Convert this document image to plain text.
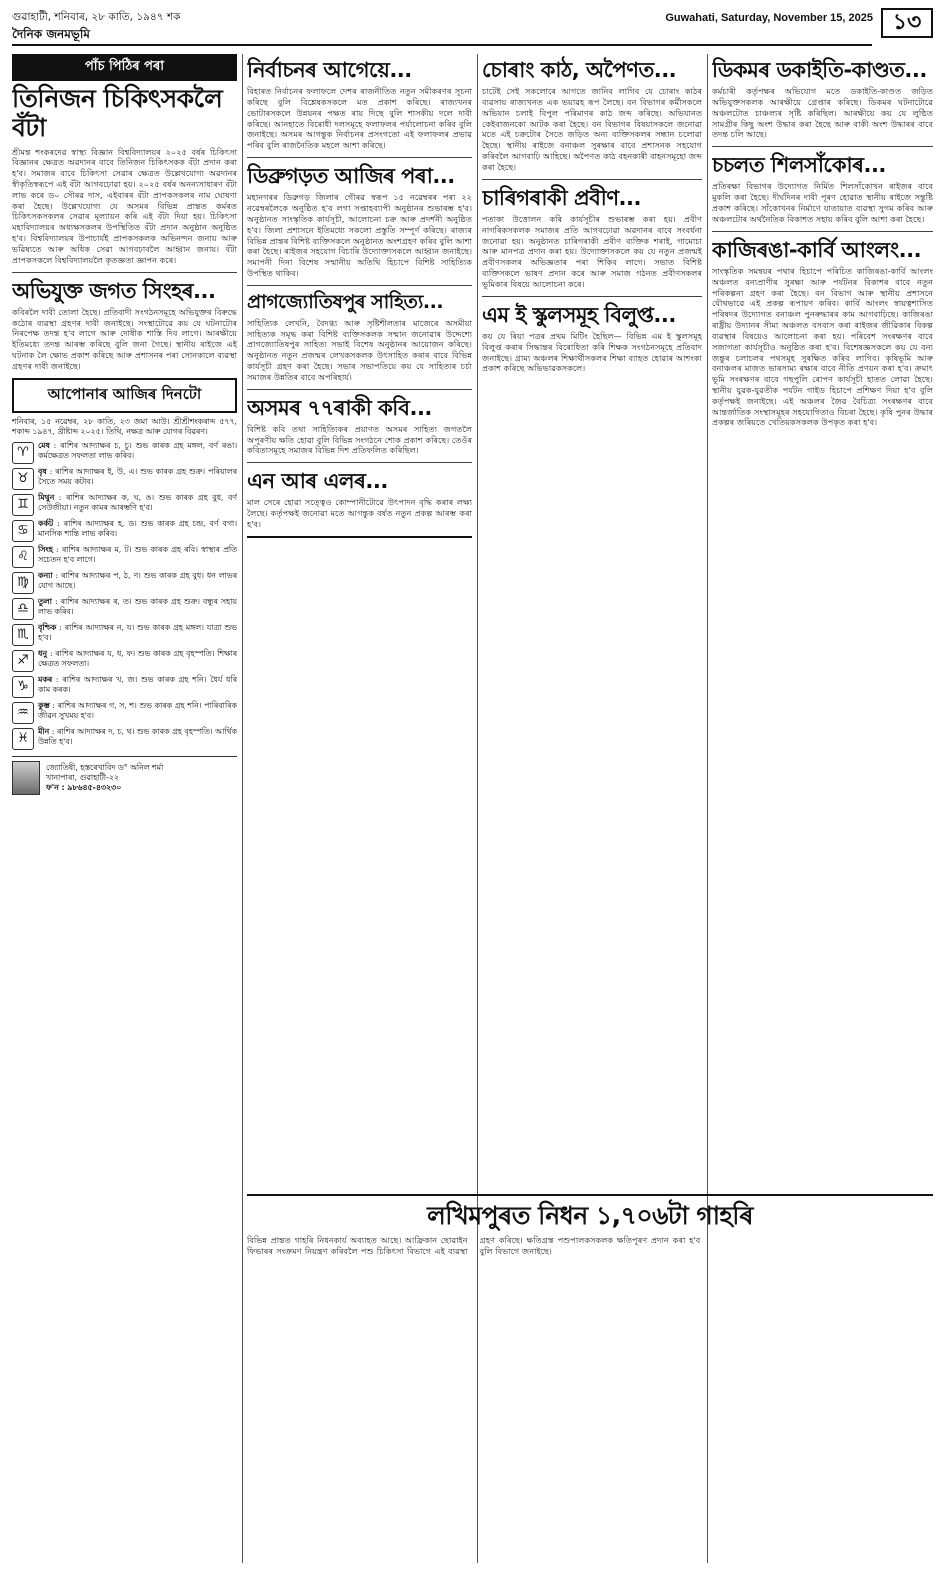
গুৱাহাটী, শনিবাৰ, ২৮ কাতি, ১৯৪৭ শক
দৈনিক জনমভূমি
Guwahati, Saturday, November 15, 2025 ১৩
পাঁচ পিঠিৰ পৰা
তিনিজন চিকিৎসকলৈ বঁটা
শ্ৰীমন্ত শংকৰদেৱ স্বাস্থ্য বিজ্ঞান বিশ্ববিদ্যালয়ৰ ২০২৫ বৰ্ষৰ চিকিৎসা বিজ্ঞানৰ ক্ষেত্ৰত অৱদানৰ বাবে তিনিজন চিকিৎসকক বঁটা প্ৰদান কৰা হ'ব। সমাজৰ বাবে চিকিৎসা সেৱাৰ ক্ষেত্ৰত উল্লেখযোগ্য অৱদানৰ স্বীকৃতিস্বৰূপে এই বঁটা আগবঢ়োৱা হয়। ২০২৫ বৰ্ষৰ অনন্যসাধাৰণ বঁটা লাভ কৰে ড০ সৌৰৱ দাস, এইবাৰৰ বঁটা প্ৰাপকসকলৰ নাম ঘোষণা কৰা হৈছে। উল্লেখযোগ্য যে অসমৰ বিভিন্ন প্ৰান্তত কৰ্মৰত চিকিৎসকসকলৰ সেৱাৰ মূল্যায়ন কৰি এই বঁটা দিয়া হয়। চিকিৎসা মহাবিদ্যালয়ৰ অধ্যক্ষসকলৰ উপস্থিতিত বঁটা প্ৰদান অনুষ্ঠান অনুষ্ঠিত হ'ব। বিশ্ববিদ্যালয়ৰ উপাচাৰ্যই প্ৰাপকসকলক অভিনন্দন জনায় আৰু ভৱিষ্যতে আৰু অধিক সেৱা আগবঢ়াবলৈ আহ্বান জনায়। বঁটা প্ৰাপকসকলে বিশ্ববিদ্যালয়লৈ কৃতজ্ঞতা জ্ঞাপন কৰে।
অভিযুক্ত জগত সিংহৰ...
কবিৰলৈ দাবী তোলা হৈছে। প্ৰতিবাদী সংগঠনসমূহে অভিযুক্তৰ বিৰুদ্ধে কঠোৰ ব্যৱস্থা গ্ৰহণৰ দাবী জনাইছে। সংস্থাটোৱে কয় যে ঘটনাটোৰ নিৰপেক্ষ তদন্ত হ'ব লাগে আৰু দোষীক শাস্তি দিব লাগে। আৰক্ষীয়ে ইতিমধ্যে তদন্ত আৰম্ভ কৰিছে বুলি জনা গৈছে। স্থানীয় ৰাইজে এই ঘটনাক লৈ ক্ষোভ প্ৰকাশ কৰিছে আৰু প্ৰশাসনৰ পৰা সোনকালে ব্যৱস্থা গ্ৰহণৰ দাবী জনাইছে।
আপোনাৰ আজিৰ দিনটো
শনিবাৰ, ১৫ নৱেম্বৰ, ২৮ কাতি, ২৩ জমা আউ। শ্ৰীশ্ৰীশংকৰাব্দ ৫৭৭, শকাব্দ ১৯৪৭, খ্ৰীষ্টাব্দ ২০২৫। তিথি, নক্ষত্ৰ আৰু যোগৰ বিৱৰণ।
♈	মেষ : ৰাশিৰ আদ্যাক্ষৰ চ, চু। শুভ কাৰক গ্ৰহ মঙ্গল, বৰ্ণ ৰঙা। কৰ্মক্ষেত্ৰত সফলতা লাভ কৰিব।
♉	বৃষ : ৰাশিৰ আদ্যাক্ষৰ ই, উ, এ। শুভ কাৰক গ্ৰহ শুক্ৰ। পৰিয়ালৰ সৈতে সময় কটাব।
♊	মিথুন : ৰাশিৰ আদ্যাক্ষৰ ক, ঘ, ঙ। শুভ কাৰক গ্ৰহ বুধ, বৰ্ণ সেউজীয়া। নতুন কামৰ আৰম্ভণি হ'ব।
♋	কৰ্কট : ৰাশিৰ আদ্যাক্ষৰ হ, ড। শুভ কাৰক গ্ৰহ চন্দ্ৰ, বৰ্ণ বগা। মানসিক শান্তি লাভ কৰিব।
♌	সিংহ : ৰাশিৰ আদ্যাক্ষৰ ম, ট। শুভ কাৰক গ্ৰহ ৰবি। স্বাস্থ্যৰ প্ৰতি সচেতন হ'ব লাগে।
♍	কন্যা : ৰাশিৰ আদ্যাক্ষৰ প, ঠ, ণ। শুভ কাৰক গ্ৰহ বুধ। ধন লাভৰ যোগ আছে।
♎	তুলা : ৰাশিৰ আদ্যাক্ষৰ ৰ, ত। শুভ কাৰক গ্ৰহ শুক্ৰ। বন্ধুৰ সহায় লাভ কৰিব।
♏	বৃশ্চিক : ৰাশিৰ আদ্যাক্ষৰ ন, য। শুভ কাৰক গ্ৰহ মঙ্গল। যাত্ৰা শুভ হ'ব।
♐	ধনু : ৰাশিৰ আদ্যাক্ষৰ য, ধ, ফ। শুভ কাৰক গ্ৰহ বৃহস্পতি। শিক্ষাৰ ক্ষেত্ৰত সফলতা।
♑	মকৰ : ৰাশিৰ আদ্যাক্ষৰ খ, জ। শুভ কাৰক গ্ৰহ শনি। ধৈৰ্য ধৰি কাম কৰক।
♒	কুম্ভ : ৰাশিৰ আদ্যাক্ষৰ গ, স, শ। শুভ কাৰক গ্ৰহ শনি। পাৰিবাৰিক জীৱন সুখময় হ'ব।
♓	মীন : ৰাশিৰ আদ্যাক্ষৰ দ, চ, থ। শুভ কাৰক গ্ৰহ বৃহস্পতি। আৰ্থিক উন্নতি হ'ব।
জ্যোতিষী, হস্তৰেখাবিদ ড° অনিল শৰ্মা
খানাপাৰা, গুৱাহাটী-২২
ফ'ন : ৯৮৬৪৫-৪৩২৩০
নিৰ্বাচনৰ আগেয়ে...
বিহাৰত নিৰ্বাচনৰ ফলাফলে দেশৰ ৰাজনীতিত নতুন সমীকৰণৰ সূচনা কৰিছে বুলি বিশ্লেষকসকলে মত প্ৰকাশ কৰিছে। ৰাজ্যখনৰ ভোটাৰসকলে উন্নয়নৰ পক্ষত ৰায় দিছে বুলি শাসকীয় দলে দাবী কৰিছে। আনহাতে বিৰোধী দলসমূহে ফলাফলৰ পৰ্যালোচনা কৰিব বুলি জনাইছে। অসমৰ আগন্তুক নিৰ্বাচনৰ প্ৰসংগতো এই ফলাফলৰ প্ৰভাৱ পৰিব বুলি ৰাজনৈতিক মহলে আশা কৰিছে।
ডিব্ৰুগড়ত আজিৰ পৰা...
মহানগৰৰ ডিব্ৰুগড় জিলাৰ গৌৰৱ স্বৰূপ ১৫ নৱেম্বৰৰ পৰা ২২ নৱেম্বৰলৈকে অনুষ্ঠিত হ'ব লগা সপ্তাহব্যাপী অনুষ্ঠানৰ শুভাৰম্ভ হ'ব। অনুষ্ঠানত সাংস্কৃতিক কাৰ্যসূচী, আলোচনা চক্ৰ আৰু প্ৰদৰ্শনী অনুষ্ঠিত হ'ব। জিলা প্ৰশাসনে ইতিমধ্যে সকলো প্ৰস্তুতি সম্পূৰ্ণ কৰিছে। ৰাজ্যৰ বিভিন্ন প্ৰান্তৰ বিশিষ্ট ব্যক্তিসকলে অনুষ্ঠানত অংশগ্ৰহণ কৰিব বুলি আশা কৰা হৈছে। ৰাইজৰ সহযোগ বিচাৰি উদ্যোক্তাসকলে আহ্বান জনাইছে। সমাপনী দিনা বিশেষ সন্মানীয় অতিথি হিচাপে বিশিষ্ট সাহিত্যিক উপস্থিত থাকিব।
প্ৰাগজ্যোতিষপুৰ সাহিত্য...
সাহিত্যিক লেখনি, বৈদগ্ধ্য আৰু সৃষ্টিশীলতাৰ মাজেৰে অসমীয়া সাহিত্যক সমৃদ্ধ কৰা বিশিষ্ট ব্যক্তিসকলক সন্মান জনোৱাৰ উদ্দেশ্যে প্ৰাগজ্যোতিষপুৰ সাহিত্য সভাই বিশেষ অনুষ্ঠানৰ আয়োজন কৰিছে। অনুষ্ঠানত নতুন প্ৰজন্মৰ লেখকসকলক উৎসাহিত কৰাৰ বাবে বিভিন্ন কাৰ্যসূচী গ্ৰহণ কৰা হৈছে। সভাৰ সভাপতিয়ে কয় যে সাহিত্যৰ চৰ্চা সমাজৰ উন্নতিৰ বাবে অপৰিহাৰ্য।
অসমৰ ৭৭ৰাকী কবি...
বিশিষ্ট কবি তথা সাহিত্যিকৰ প্ৰয়াণত অসমৰ সাহিত্য জগতলৈ অপূৰণীয় ক্ষতি হোৱা বুলি বিভিন্ন সংগঠনে শোক প্ৰকাশ কৰিছে। তেওঁৰ কবিতাসমূহে সমাজৰ বিভিন্ন দিশ প্ৰতিফলিত কৰিছিল।
এন আৰ এলৰ...
মাল সেৰে হোৱা সত্ত্বেও কোম্পানীটোৱে উৎপাদন বৃদ্ধি কৰাৰ লক্ষ্য লৈছে। কৰ্তৃপক্ষই জনোৱা মতে আগন্তুক বৰ্ষত নতুন প্ৰকল্প আৰম্ভ কৰা হ'ব।
চোৰাং কাঠ, অপৈণত...
চাটেই সেই সকলোৰে আগতে জানিব লাগিব যে চোৰাং কাঠৰ ব্যৱসায় ৰাজ্যখনত এক ভয়াৱহ ৰূপ লৈছে। বন বিভাগৰ কৰ্মীসকলে অভিযান চলাই বিপুল পৰিমাণৰ কাঠ জব্দ কৰিছে। অভিযানত কেইবাজনকো আটক কৰা হৈছে। বন বিভাগৰ বিষয়াসকলে জনোৱা মতে এই চক্ৰটোৰ সৈতে জড়িত অন্য ব্যক্তিসকলৰ সন্ধান চলোৱা হৈছে। স্থানীয় ৰাইজে বনাঞ্চল সুৰক্ষাৰ বাবে প্ৰশাসনক সহযোগ কৰিবলৈ আগবাঢ়ি আহিছে। অপৈণত কাঠ বহনকাৰী বাহনসমূহো জব্দ কৰা হৈছে।
চাৰিগৰাকী প্ৰবীণ...
পতাকা উত্তোলন কৰি কাৰ্যসূচীৰ শুভাৰম্ভ কৰা হয়। প্ৰবীণ নাগৰিকসকলক সমাজৰ প্ৰতি আগবঢ়োৱা অৱদানৰ বাবে সংবৰ্ধনা জনোৱা হয়। অনুষ্ঠানত চাৰিগৰাকী প্ৰবীণ ব্যক্তিক শৰাই, গামোচা আৰু মানপত্ৰ প্ৰদান কৰা হয়। উদ্যোক্তাসকলে কয় যে নতুন প্ৰজন্মই প্ৰবীণসকলৰ অভিজ্ঞতাৰ পৰা শিকিব লাগে। সভাত বিশিষ্ট ব্যক্তিসকলে ভাষণ প্ৰদান কৰে আৰু সমাজ গঠনত প্ৰবীণসকলৰ ভূমিকাৰ বিষয়ে আলোচনা কৰে।
এম ই স্কুলসমূহ বিলুপ্ত...
কয় যে ৰিয়া পত্ৰৰ প্ৰথম মিটিং হৈছিল— বিভিন্ন এম ই স্কুলসমূহ বিলুপ্ত কৰাৰ সিদ্ধান্তৰ বিৰোধিতা কৰি শিক্ষক সংগঠনসমূহে প্ৰতিবাদ জনাইছে। গ্ৰাম্য অঞ্চলৰ শিক্ষাৰ্থীসকলৰ শিক্ষা ব্যাহত হোৱাৰ আশংকা প্ৰকাশ কৰিছে অভিভাৱকসকলে।
ডিকমৰ ডকাইতি-কাণ্ডত...
কৰ্মচাৰী কৰ্তৃপক্ষৰ অভিযোগ মতে ডকাইতি-কাণ্ডত জড়িত অভিযুক্তসকলক আৰক্ষীয়ে গ্ৰেপ্তাৰ কৰিছে। ডিকমৰ ঘটনাটোৱে অঞ্চলটোত চাঞ্চল্যৰ সৃষ্টি কৰিছিল। আৰক্ষীয়ে কয় যে লুণ্ঠিত সামগ্ৰীৰ কিছু অংশ উদ্ধাৰ কৰা হৈছে আৰু বাকী অংশ উদ্ধাৰৰ বাবে তদন্ত চলি আছে।
চচলত শিলসাঁকোৰ...
প্ৰতিৰক্ষা বিভাগৰ উদ্যোগত নিৰ্মিত শিলসাঁকোখন ৰাইজৰ বাবে মুকলি কৰা হৈছে। দীৰ্ঘদিনৰ দাবী পূৰণ হোৱাত স্থানীয় ৰাইজে সন্তুষ্টি প্ৰকাশ কৰিছে। সাঁকোখনৰ নিৰ্মাণে যাতায়াত ব্যৱস্থা সুগম কৰিব আৰু অঞ্চলটোৰ অৰ্থনৈতিক বিকাশত সহায় কৰিব বুলি আশা কৰা হৈছে।
কাজিৰঙা-কাৰ্বি আংলং...
সাংস্কৃতিক সমন্বয়ৰ পথাৰ হিচাপে পৰিচিত কাজিৰঙা-কাৰ্বি আংলং অঞ্চলত বন্যপ্ৰাণীৰ সুৰক্ষা আৰু পৰ্যটনৰ বিকাশৰ বাবে নতুন পৰিকল্পনা গ্ৰহণ কৰা হৈছে। বন বিভাগ আৰু স্থানীয় প্ৰশাসনে যৌথভাৱে এই প্ৰকল্প ৰূপায়ণ কৰিব। কাৰ্বি আংলং স্বায়ত্বশাসিত পৰিষদৰ উদ্যোগত বনাঞ্চল পুনৰুদ্ধাৰৰ কাম আগবাঢ়িছে। কাজিৰঙা ৰাষ্ট্ৰীয় উদ্যানৰ সীমা অঞ্চলত বসবাস কৰা ৰাইজৰ জীৱিকাৰ বিকল্প ব্যৱস্থাৰ বিষয়েও আলোচনা কৰা হয়। পৰিবেশ সংৰক্ষণৰ বাবে সজাগতা কাৰ্যসূচীও অনুষ্ঠিত কৰা হ'ব। বিশেষজ্ঞসকলে কয় যে বন্য জন্তুৰ চলাচলৰ পথসমূহ সুৰক্ষিত কৰিব লাগিব। কৃষিভূমি আৰু বনাঞ্চলৰ মাজত ভাৰসাম্য ৰক্ষাৰ বাবে নীতি প্ৰণয়ন কৰা হ'ব। ক্ৰমাৎ ভূমি সংৰক্ষণৰ বাবে গছপুলি ৰোপণ কাৰ্যসূচী হাতত লোৱা হৈছে। স্থানীয় যুৱক-যুৱতীক পৰ্যটন গাইড হিচাপে প্ৰশিক্ষণ দিয়া হ'ব বুলি কৰ্তৃপক্ষই জনাইছে। এই অঞ্চলৰ জৈৱ বৈচিত্ৰ্য সংৰক্ষণৰ বাবে আন্তৰ্জাতিক সংস্থাসমূহৰ সহযোগিতাও বিচৰা হৈছে। কৃষি পুনৰ উদ্ধাৰ প্ৰকল্পৰ জৰিয়তে খেতিয়কসকলক উপকৃত কৰা হ'ব।
লখিমপুৰত নিধন ১,৭০৬টা গাহৰি
বিভিন্ন প্ৰান্তত গাহৰি নিধনকাৰ্য অব্যাহত আছে। আফ্ৰিকান ছোৱাইন ফিভাৰৰ সংক্ৰমণ নিয়ন্ত্ৰণ কৰিবলৈ পশু চিকিৎসা বিভাগে এই ব্যৱস্থা গ্ৰহণ কৰিছে। ক্ষতিগ্ৰস্ত পশুপালকসকলক ক্ষতিপূৰণ প্ৰদান কৰা হ'ব বুলি বিভাগে জনাইছে।
